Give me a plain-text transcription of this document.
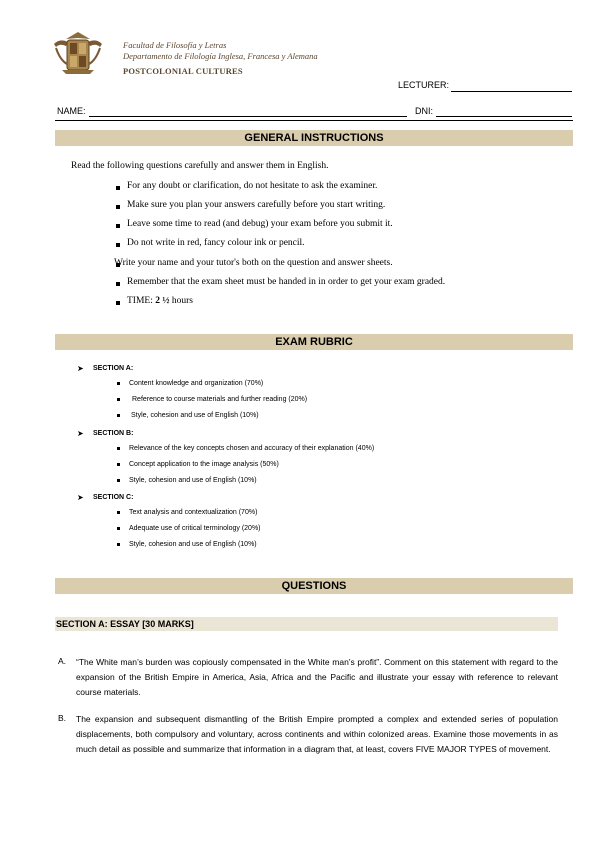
Facultad de Filosofía y Letras
Departamento de Filología Inglesa, Francesa y Alemana
POSTCOLONIAL CULTURES
LECTURER:
NAME:	DNI:
GENERAL INSTRUCTIONS
Read the following questions carefully and answer them in English.
For any doubt or clarification, do not hesitate to ask the examiner.
Make sure you plan your answers carefully before you start writing.
Leave some time to read (and debug) your exam before you submit it.
Do not write in red, fancy colour ink or pencil.
Write your name and your tutor's both on the question and answer sheets.
Remember that the exam sheet must be handed in in order to get your exam graded.
TIME: 2 ½ hours
EXAM RUBRIC
➤ SECTION A:
Content knowledge and organization (70%)
Reference to course materials and further reading (20%)
Style, cohesion and use of English (10%)
➤ SECTION B:
Relevance of the key concepts chosen and accuracy of their explanation (40%)
Concept application to the image analysis (50%)
Style, cohesion and use of English (10%)
➤ SECTION C:
Text analysis and contextualization (70%)
Adequate use of critical terminology (20%)
Style, cohesion and use of English (10%)
QUESTIONS
SECTION A: ESSAY [30 MARKS]
A. “The White man’s burden was copiously compensated in the White man’s profit”. Comment on this statement with regard to the expansion of the British Empire in America, Asia, Africa and the Pacific and illustrate your essay with reference to relevant course materials.
B. The expansion and subsequent dismantling of the British Empire prompted a complex and extended series of population displacements, both compulsory and voluntary, across continents and within colonized areas. Examine those movements in as much detail as possible and summarize that information in a diagram that, at least, covers FIVE MAJOR TYPES of movement.
